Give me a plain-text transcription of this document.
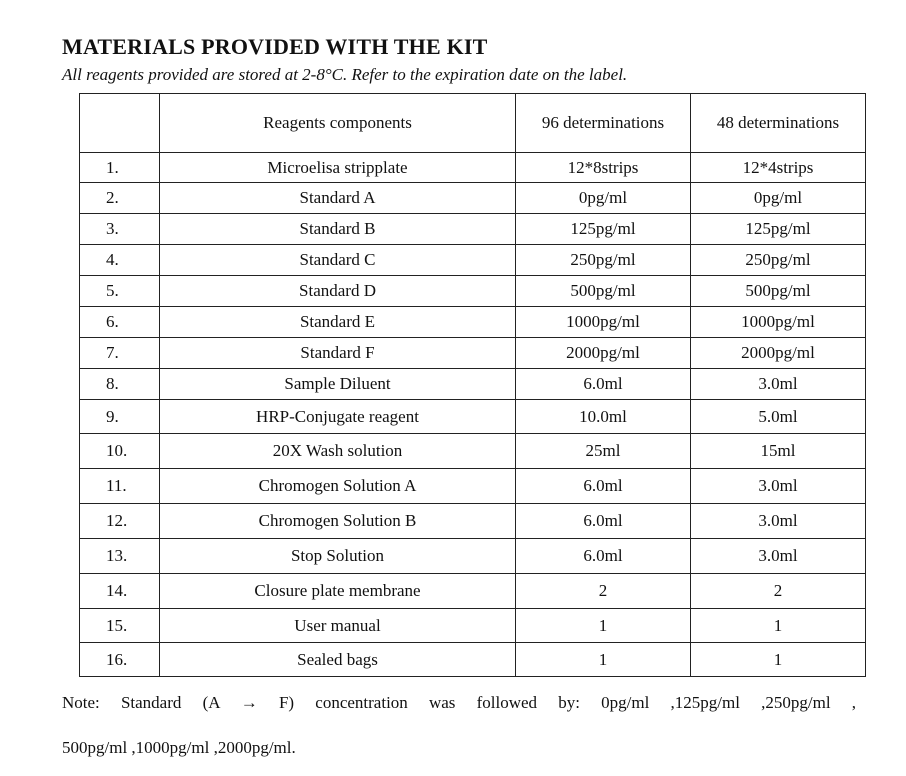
MATERIALS PROVIDED WITH THE KIT

All reagents provided are stored at 2-8°C. Refer to the expiration date on the label.

	Reagents components	96 determinations	48 determinations
1.	Microelisa stripplate	12*8strips	12*4strips
2.	Standard A	0pg/ml	0pg/ml
3.	Standard B	125pg/ml	125pg/ml
4.	Standard C	250pg/ml	250pg/ml
5.	Standard D	500pg/ml	500pg/ml
6.	Standard E	1000pg/ml	1000pg/ml
7.	Standard F	2000pg/ml	2000pg/ml
8.	Sample Diluent	6.0ml	3.0ml
9.	HRP-Conjugate reagent	10.0ml	5.0ml
10.	20X Wash solution	25ml	15ml
11.	Chromogen Solution A	6.0ml	3.0ml
12.	Chromogen Solution B	6.0ml	3.0ml
13.	Stop Solution	6.0ml	3.0ml
14.	Closure plate membrane	2	2
15.	User manual	1	1
16.	Sealed bags	1	1

Note: Standard (A → F) concentration was followed by: 0pg/ml ,125pg/ml ,250pg/ml ,

500pg/ml ,1000pg/ml ,2000pg/ml.
